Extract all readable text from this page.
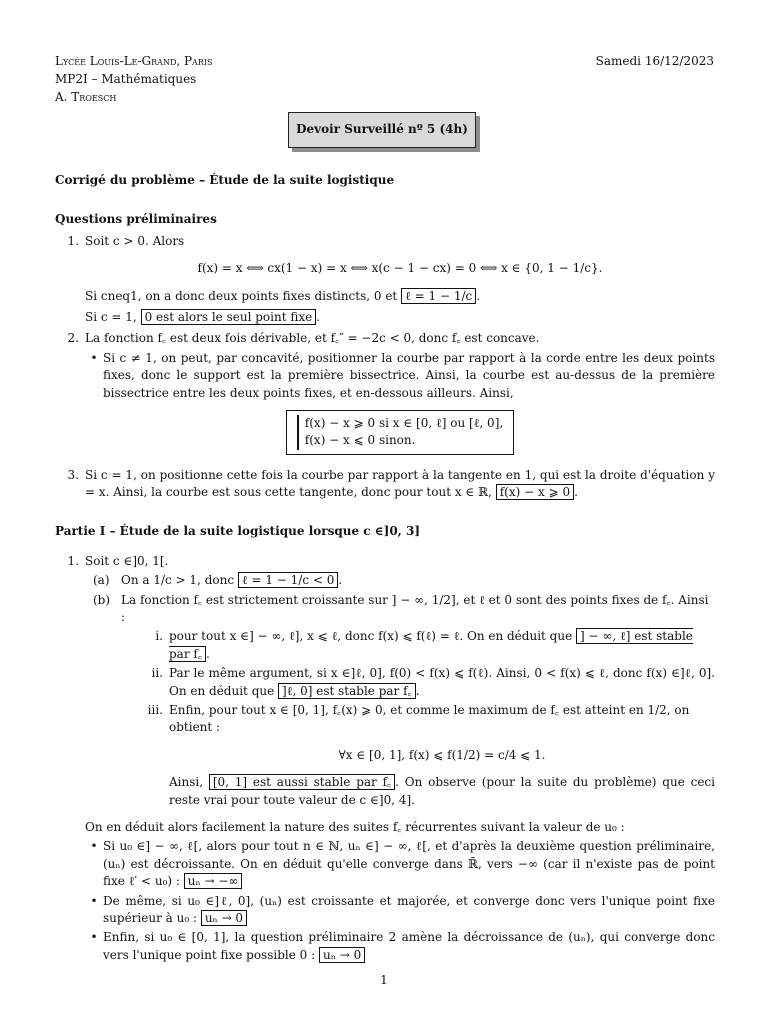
Lycée Louis-Le-Grand, Paris
MP2I – Mathématiques
A. Troesch
Samedi 16/12/2023
Devoir Surveillé nº 5 (4h)

Corrigé du problème – Étude de la suite logistique

Questions préliminaires

1. Soit c > 0. Alors

f(x) = x ⟺ cx(1 − x) = x ⟺ x(c − 1 − cx) = 0 ⟺ x ∈ {0, 1 − 1/c}.

Si cneq1, on a donc deux points fixes distincts, 0 et ℓ = 1 − 1/c .

Si c = 1, 0 est alors le seul point fixe .

2. La fonction f꜀ est deux fois dérivable, et f꜀″ = −2c < 0, donc f꜀ est concave.

• Si c ≠ 1, on peut, par concavité, positionner la courbe par rapport à la corde entre les deux points fixes, donc le support est la première bissectrice. Ainsi, la courbe est au-dessus de la première bissectrice entre les deux points fixes, et en-dessous ailleurs. Ainsi,
f(x) − x ⩾ 0 si x ∈ [0, ℓ] ou [ℓ, 0],
f(x) − x ⩽ 0 sinon.
3. Si c = 1, on positionne cette fois la courbe par rapport à la tangente en 1, qui est la droite d'équation y = x. Ainsi, la courbe est sous cette tangente, donc pour tout x ∈ ℝ, f(x) − x ⩾ 0 .

Partie I – Étude de la suite logistique lorsque c ∈]0, 3]

1. Soit c ∈]0, 1[.

(a) On a 1/c > 1, donc ℓ = 1 − 1/c < 0 .
(b) La fonction f꜀ est strictement croissante sur ] − ∞, 1/2], et ℓ et 0 sont des points fixes de f꜀. Ainsi :

i. pour tout x ∈] − ∞, ℓ], x ⩽ ℓ, donc f(x) ⩽ f(ℓ) = ℓ. On en déduit que ] − ∞, ℓ] est stable par f꜀ .
ii. Par le même argument, si x ∈]ℓ, 0], f(0) < f(x) ⩽ f(ℓ). Ainsi, 0 < f(x) ⩽ ℓ, donc f(x) ∈]ℓ, 0]. On en déduit que ]ℓ, 0] est stable par f꜀ .
iii. Enfin, pour tout x ∈ [0, 1], f꜀(x) ⩾ 0, et comme le maximum de f꜀ est atteint en 1/2, on obtient :

∀x ∈ [0, 1], f(x) ⩽ f(1/2) = c/4 ⩽ 1.

Ainsi, [0, 1] est aussi stable par f꜀ . On observe (pour la suite du problème) que ceci reste vrai pour toute valeur de c ∈]0, 4].

On en déduit alors facilement la nature des suites f꜀ récurrentes suivant la valeur de u₀ :

• Si u₀ ∈] − ∞, ℓ[, alors pour tout n ∈ ℕ, uₙ ∈] − ∞, ℓ[, et d'après la deuxième question préliminaire, (uₙ) est décroissante. On en déduit qu'elle converge dans ℝ̄, vers −∞ (car il n'existe pas de point fixe ℓ′ < u₀) : uₙ → −∞
• De même, si u₀ ∈]ℓ, 0], (uₙ) est croissante et majorée, et converge donc vers l'unique point fixe supérieur à u₀ : uₙ → 0
• Enfin, si u₀ ∈ [0, 1], la question préliminaire 2 amène la décroissance de (uₙ), qui converge donc vers l'unique point fixe possible 0 : uₙ → 0
1
